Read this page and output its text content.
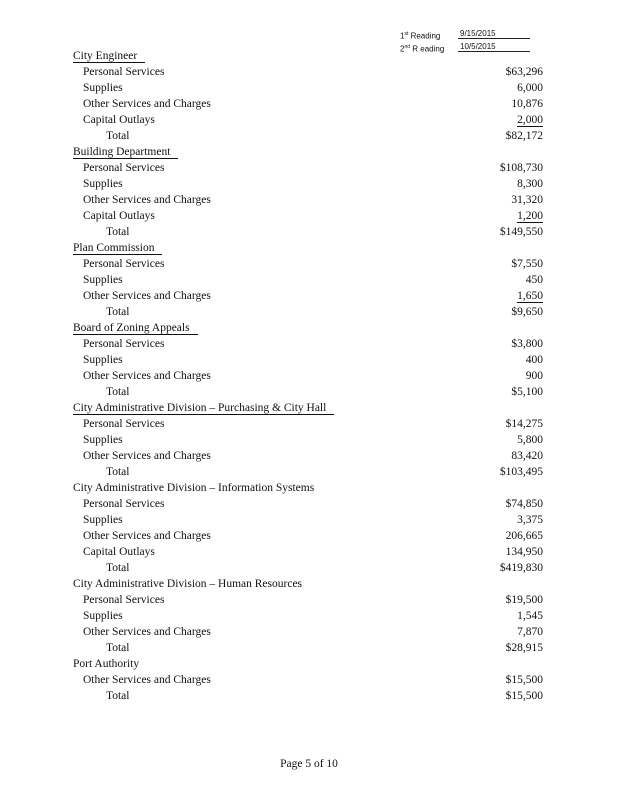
1st Reading	9/15/2015
2nd R eading	10/5/2015
City Engineer
Personal Services	$63,296
Supplies	6,000
Other Services and Charges	10,876
Capital Outlays	2,000
Total	$82,172
Building Department
Personal Services	$108,730
Supplies	8,300
Other Services and Charges	31,320
Capital Outlays	1,200
Total	$149,550
Plan Commission
Personal Services	$7,550
Supplies	450
Other Services and Charges	1,650
Total	$9,650
Board of Zoning Appeals
Personal Services	$3,800
Supplies	400
Other Services and Charges	900
Total	$5,100
City Administrative Division – Purchasing & City Hall
Personal Services	$14,275
Supplies	5,800
Other Services and Charges	83,420
Total	$103,495
City Administrative Division – Information Systems
Personal Services	$74,850
Supplies	3,375
Other Services and Charges	206,665
Capital Outlays	134,950
Total	$419,830
City Administrative Division – Human Resources
Personal Services	$19,500
Supplies	1,545
Other Services and Charges	7,870
Total	$28,915
Port Authority
Other Services and Charges	$15,500
Total	$15,500
Page 5 of 10
